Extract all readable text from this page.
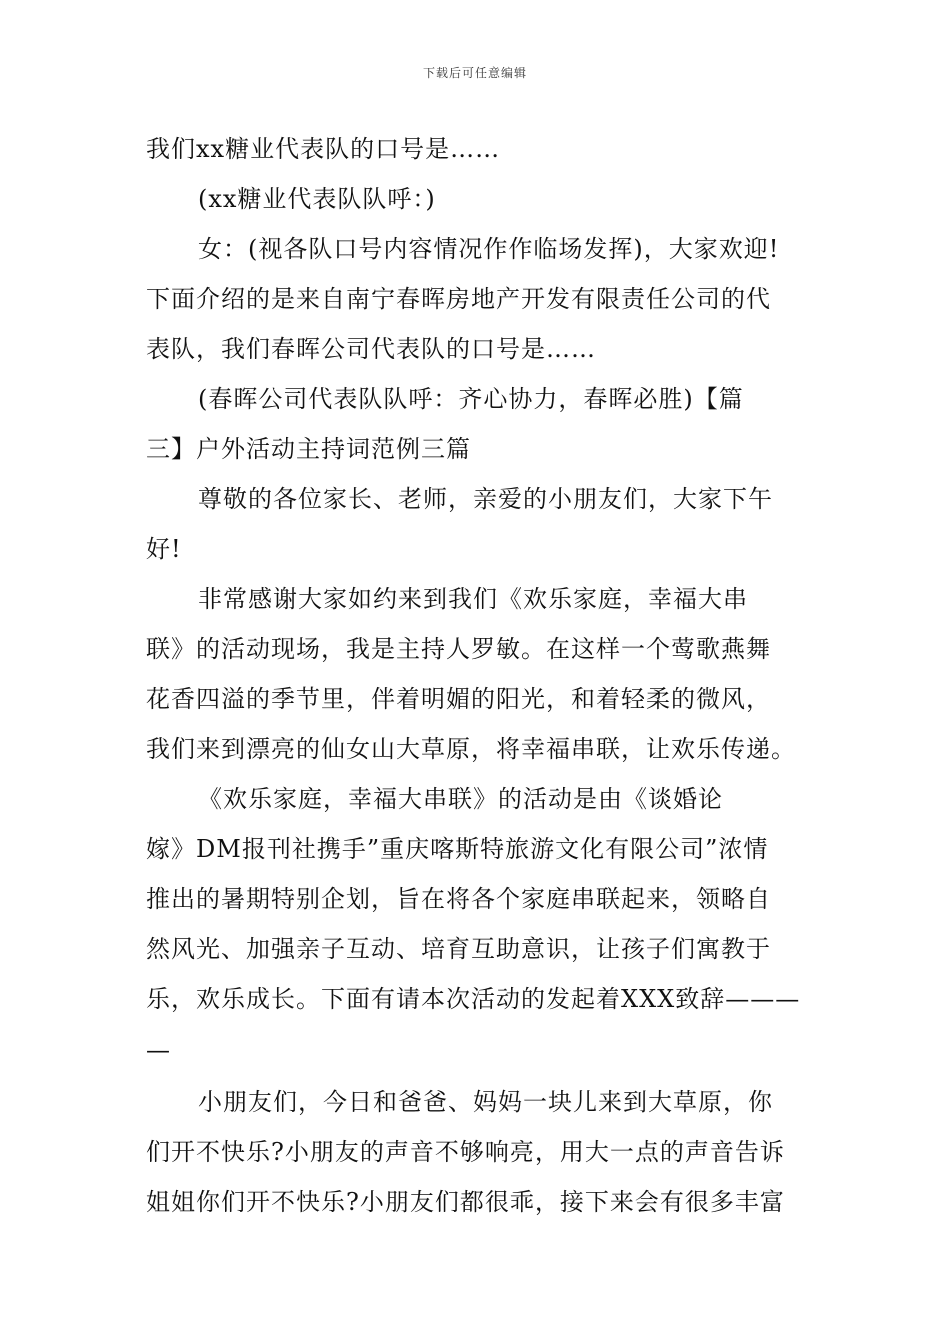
下载后可任意编辑
我们xx糖业代表队的口号是……
(xx糖业代表队队呼：)
女：(视各队口号内容情况作作临场发挥)，大家欢迎!
下面介绍的是来自南宁春晖房地产开发有限责任公司的代
表队，我们春晖公司代表队的口号是……
(春晖公司代表队队呼：齐心协力，春晖必胜)【篇
三】户外活动主持词范例三篇
尊敬的各位家长、老师，亲爱的小朋友们，大家下午
好!
非常感谢大家如约来到我们《欢乐家庭，幸福大串
联》的活动现场，我是主持人罗敏。在这样一个莺歌燕舞
花香四溢的季节里，伴着明媚的阳光，和着轻柔的微风，
我们来到漂亮的仙女山大草原，将幸福串联，让欢乐传递。
《欢乐家庭，幸福大串联》的活动是由《谈婚论
嫁》DM报刊社携手”重庆喀斯特旅游文化有限公司”浓情
推出的暑期特别企划，旨在将各个家庭串联起来，领略自
然风光、加强亲子互动、培育互助意识，让孩子们寓教于
乐，欢乐成长。下面有请本次活动的发起着XXX致辞———
—
小朋友们，今日和爸爸、妈妈一块儿来到大草原，你
们开不快乐?小朋友的声音不够响亮，用大一点的声音告诉
姐姐你们开不快乐?小朋友们都很乖，接下来会有很多丰富
